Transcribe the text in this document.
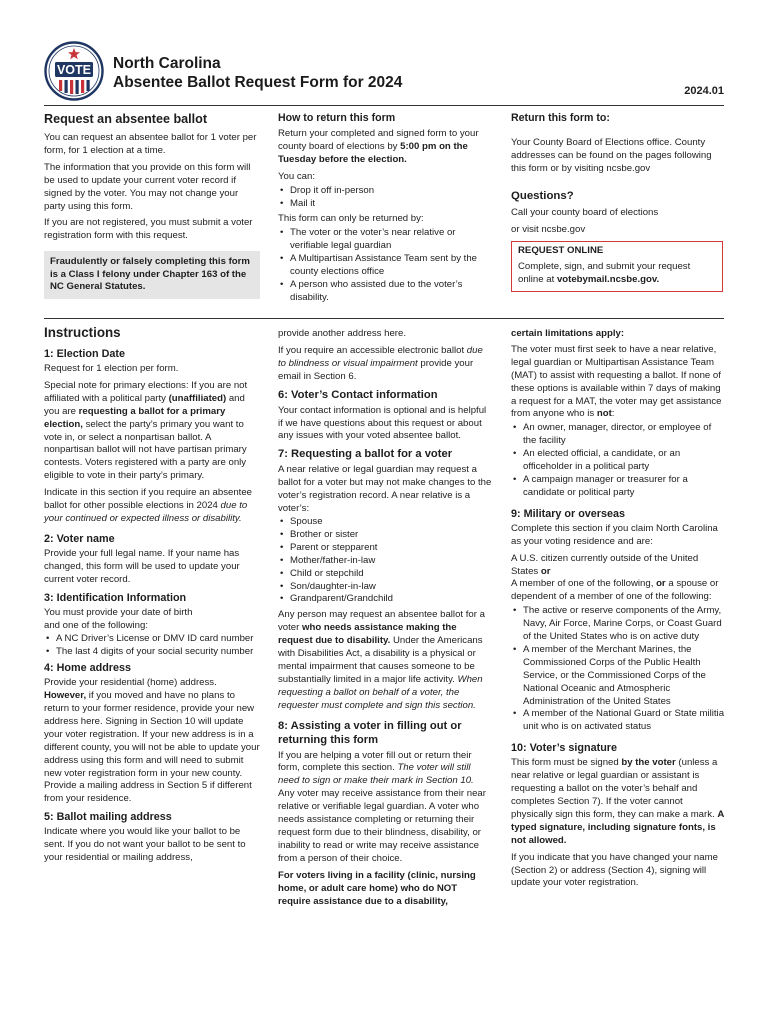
VOTE North Carolina
Absentee Ballot Request Form for 2024	2024.01
Request an absentee ballot

You can request an absentee ballot for 1 voter per form, for 1 election at a time.

The information that you provide on this form will be used to update your current voter record if signed by the voter. You may not change your party using this form.

If you are not registered, you must submit a voter registration form with this request.

Fraudulently or falsely completing this form is a Class I felony under Chapter 163 of the NC General Statutes.
How to return this form

Return your completed and signed form to your county board of elections by 5:00 pm on the Tuesday before the election.

You can:

• Drop it off in-person
• Mail it

This form can only be returned by:

• The voter or the voter’s near relative or verifiable legal guardian
• A Multipartisan Assistance Team sent by the county elections office
• A person who assisted due to the voter’s disability.
Return this form to:

Your County Board of Elections office. County addresses can be found on the pages following this form or by visiting ncsbe.gov

Questions?

Call your county board of elections

or visit ncsbe.gov

REQUEST ONLINE
Complete, sign, and submit your request online at votebymail.ncsbe.gov.
Instructions
1: Election Date

Request for 1 election per form.

Special note for primary elections: If you are not affiliated with a political party (unaffiliated) and you are requesting a ballot for a primary election, select the party’s primary you want to vote in, or select a nonpartisan ballot. A nonpartisan ballot will not have partisan primary contests. Voters registered with a party are only eligible to vote in their party’s primary.

Indicate in this section if you require an absentee ballot for other possible elections in 2024 due to your continued or expected illness or disability.

2: Voter name

Provide your full legal name. If your name has changed, this form will be used to update your current voter record.

3: Identification Information

You must provide your date of birth

and one of the following:

• A NC Driver’s License or DMV ID card number
• The last 4 digits of your social security number
4: Home address

Provide your residential (home) address.

However, if you moved and have no plans to return to your former residence, provide your new address here. Signing in Section 10 will update your voter registration. If your new address is in a different county, you will not be able to update your address using this form and will need to submit new voter registration form in your new county. Provide a mailing address in Section 5 if different from your residence.

5: Ballot mailing address

Indicate where you would like your ballot to be sent. If you do not want your ballot to be sent to your residential or mailing address,

provide another address here.

If you require an accessible electronic ballot due to blindness or visual impairment provide your email in Section 6.

6: Voter’s Contact information

Your contact information is optional and is helpful if we have questions about this request or about any issues with your voted absentee ballot.

7: Requesting a ballot for a voter

A near relative or legal guardian may request a ballot for a voter but may not make changes to the voter’s registration record. A near relative is a voter’s:

• Spouse
• Brother or sister
• Parent or stepparent
• Mother/father-in-law
• Child or stepchild
• Son/daughter-in-law
• Grandparent/Grandchild

Any person may request an absentee ballot for a voter who needs assistance making the request due to disability. Under the Americans with Disabilities Act, a disability is a physical or mental impairment that causes someone to be substantially limited in a major life activity. When requesting a ballot on behalf of a voter, the requester must complete and sign this section.

8: Assisting a voter in filling out or returning this form

If you are helping a voter fill out or return their form, complete this section. The voter will still need to sign or make their mark in Section 10. Any voter may receive assistance from their near relative or verifiable legal guardian. A voter who needs assistance completing or returning their request form due to their blindness, disability, or inability to read or write may receive assistance from a person of their choice.

For voters living in a facility (clinic, nursing home, or adult care home) who do NOT require assistance due to a disability,

certain limitations apply:

The voter must first seek to have a near relative, legal guardian or Multipartisan Assistance Team (MAT) to assist with requesting a ballot. If none of these options is available within 7 days of making a request for a MAT, the voter may get assistance from anyone who is not:

• An owner, manager, director, or employee of the facility
• An elected official, a candidate, or an officeholder in a political party
• A campaign manager or treasurer for a candidate or political party
9: Military or overseas

Complete this section if you claim North Carolina as your voting residence and are:

A U.S. citizen currently outside of the United States or

A member of one of the following, or a spouse or dependent of a member of one of the following:

• The active or reserve components of the Army, Navy, Air Force, Marine Corps, or Coast Guard of the United States who is on active duty
• A member of the Merchant Marines, the Commissioned Corps of the Public Health Service, or the Commissioned Corps of the National Oceanic and Atmospheric Administration of the United States
• A member of the National Guard or State militia unit who is on activated status
10: Voter’s signature

This form must be signed by the voter (unless a near relative or legal guardian or assistant is requesting a ballot on the voter’s behalf and completes Section 7). If the voter cannot physically sign this form, they can make a mark. A typed signature, including signature fonts, is not allowed.

If you indicate that you have changed your name (Section 2) or address (Section 4), signing will update your voter registration.
